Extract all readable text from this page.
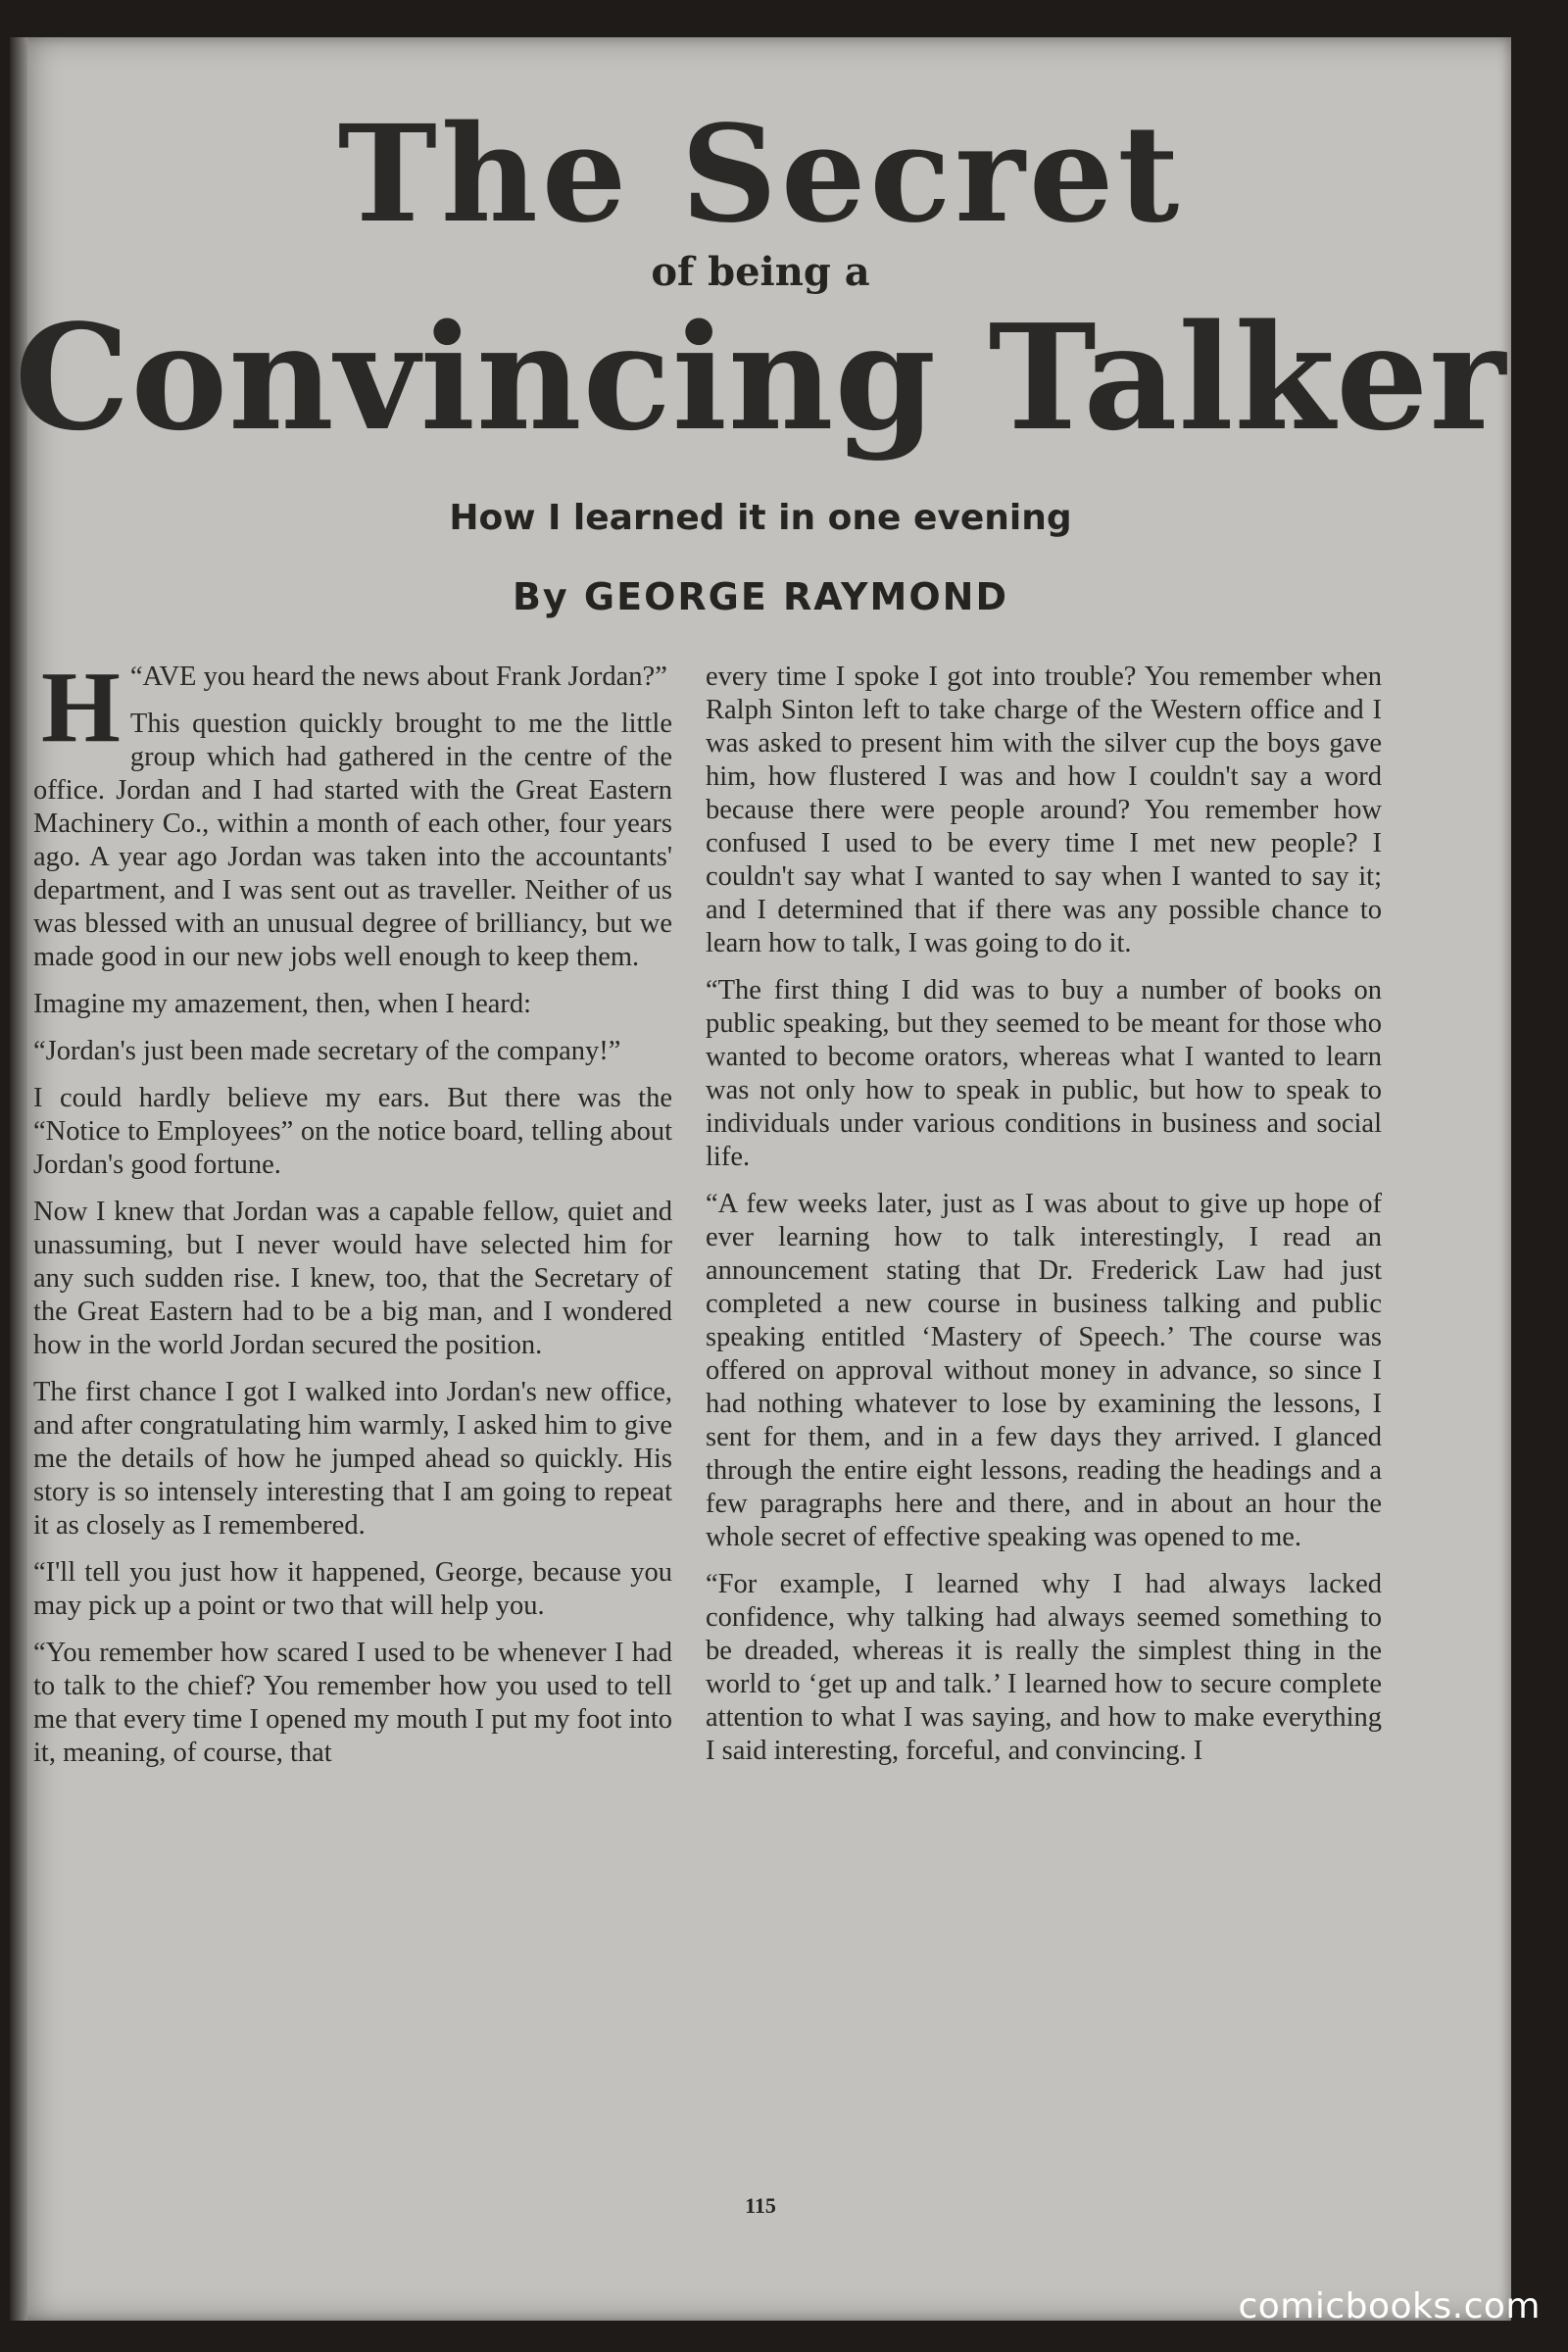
The Secret
of being a
Convincing Talker
How I learned it in one evening
By GEORGE RAYMOND

H “AVE you heard the news about Frank Jordan?”

This question quickly brought to me the little group which had gathered in the centre of the office. Jordan and I had started with the Great Eastern Machinery Co., within a month of each other, four years ago. A year ago Jordan was taken into the accountants' department, and I was sent out as traveller. Neither of us was blessed with an unusual degree of brilliancy, but we made good in our new jobs well enough to keep them.

Imagine my amazement, then, when I heard:

“Jordan's just been made secretary of the company!”

I could hardly believe my ears. But there was the “Notice to Employees” on the notice board, telling about Jordan's good fortune.

Now I knew that Jordan was a capable fellow, quiet and unassuming, but I never would have selected him for any such sudden rise. I knew, too, that the Secretary of the Great Eastern had to be a big man, and I wondered how in the world Jordan secured the position.

The first chance I got I walked into Jordan's new office, and after congratulating him warmly, I asked him to give me the details of how he jumped ahead so quickly. His story is so intensely interesting that I am going to repeat it as closely as I remembered.

“I'll tell you just how it happened, George, because you may pick up a point or two that will help you.

“You remember how scared I used to be whenever I had to talk to the chief? You remember how you used to tell me that every time I opened my mouth I put my foot into it, meaning, of course, that

every time I spoke I got into trouble? You remember when Ralph Sinton left to take charge of the Western office and I was asked to present him with the silver cup the boys gave him, how flustered I was and how I couldn't say a word because there were people around? You remember how confused I used to be every time I met new people? I couldn't say what I wanted to say when I wanted to say it; and I determined that if there was any possible chance to learn how to talk, I was going to do it.

“The first thing I did was to buy a number of books on public speaking, but they seemed to be meant for those who wanted to become orators, whereas what I wanted to learn was not only how to speak in public, but how to speak to individuals under various conditions in business and social life.

“A few weeks later, just as I was about to give up hope of ever learning how to talk interestingly, I read an announcement stating that Dr. Frederick Law had just completed a new course in business talking and public speaking entitled ‘Mastery of Speech.’ The course was offered on approval without money in advance, so since I had nothing whatever to lose by examining the lessons, I sent for them, and in a few days they arrived. I glanced through the entire eight lessons, reading the headings and a few paragraphs here and there, and in about an hour the whole secret of effective speaking was opened to me.

“For example, I learned why I had always lacked confidence, why talking had always seemed something to be dreaded, whereas it is really the simplest thing in the world to ‘get up and talk.’ I learned how to secure complete attention to what I was saying, and how to make everything I said interesting, forceful, and convincing. I

115
comicbooks.com
